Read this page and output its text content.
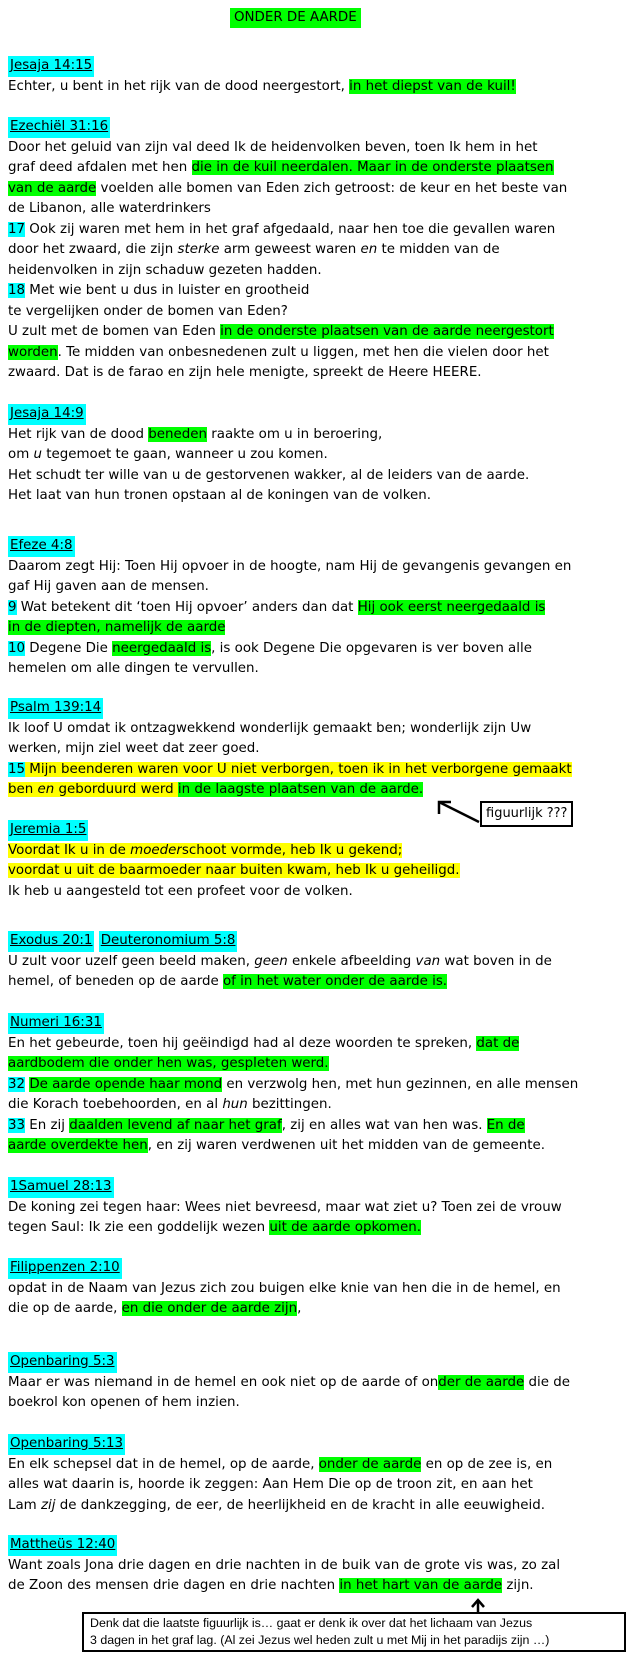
ONDER DE AARDE
Jesaja 14:15
Echter, u bent in het rijk van de dood neergestort, in het diepst van de kuil!
Ezechiël 31:16
Door het geluid van zijn val deed Ik de heidenvolken beven, toen Ik hem in het
graf deed afdalen met hen die in de kuil neerdalen. Maar in de onderste plaatsen
van de aarde voelden alle bomen van Eden zich getroost: de keur en het beste van
de Libanon, alle waterdrinkers
17 Ook zij waren met hem in het graf afgedaald, naar hen toe die gevallen waren
door het zwaard, die zijn sterke arm geweest waren en te midden van de
heidenvolken in zijn schaduw gezeten hadden.
18 Met wie bent u dus in luister en grootheid
te vergelijken onder de bomen van Eden?
U zult met de bomen van Eden in de onderste plaatsen van de aarde neergestort
worden. Te midden van onbesnedenen zult u liggen, met hen die vielen door het
zwaard. Dat is de farao en zijn hele menigte, spreekt de Heere HEERE.
Jesaja 14:9
Het rijk van de dood beneden raakte om u in beroering,
om u tegemoet te gaan, wanneer u zou komen.
Het schudt ter wille van u de gestorvenen wakker, al de leiders van de aarde.
Het laat van hun tronen opstaan al de koningen van de volken.
Efeze 4:8
Daarom zegt Hij: Toen Hij opvoer in de hoogte, nam Hij de gevangenis gevangen en
gaf Hij gaven aan de mensen.
9 Wat betekent dit ‘toen Hij opvoer’ anders dan dat Hij ook eerst neergedaald is
in de diepten, namelijk de aarde
10 Degene Die neergedaald is, is ook Degene Die opgevaren is ver boven alle
hemelen om alle dingen te vervullen.
Psalm 139:14
Ik loof U omdat ik ontzagwekkend wonderlijk gemaakt ben; wonderlijk zijn Uw
werken, mijn ziel weet dat zeer goed.
15 Mijn beenderen waren voor U niet verborgen, toen ik in het verborgene gemaakt
ben en geborduurd werd in de laagste plaatsen van de aarde.
figuurlijk ???
Jeremia 1:5
Voordat Ik u in de moederschoot vormde, heb Ik u gekend;
voordat u uit de baarmoeder naar buiten kwam, heb Ik u geheiligd.
Ik heb u aangesteld tot een profeet voor de volken.
Exodus 20:1 Deuteronomium 5:8
U zult voor uzelf geen beeld maken, geen enkele afbeelding van wat boven in de
hemel, of beneden op de aarde of in het water onder de aarde is.
Numeri 16:31
En het gebeurde, toen hij geëindigd had al deze woorden te spreken, dat de
aardbodem die onder hen was, gespleten werd.
32 De aarde opende haar mond en verzwolg hen, met hun gezinnen, en alle mensen
die Korach toebehoorden, en al hun bezittingen.
33 En zij daalden levend af naar het graf, zij en alles wat van hen was. En de
aarde overdekte hen, en zij waren verdwenen uit het midden van de gemeente.
1Samuel 28:13
De koning zei tegen haar: Wees niet bevreesd, maar wat ziet u? Toen zei de vrouw
tegen Saul: Ik zie een goddelijk wezen uit de aarde opkomen.
Filippenzen 2:10
opdat in de Naam van Jezus zich zou buigen elke knie van hen die in de hemel, en
die op de aarde, en die onder de aarde zijn,
Openbaring 5:3
Maar er was niemand in de hemel en ook niet op de aarde of onder de aarde die de
boekrol kon openen of hem inzien.
Openbaring 5:13
En elk schepsel dat in de hemel, op de aarde, onder de aarde en op de zee is, en
alles wat daarin is, hoorde ik zeggen: Aan Hem Die op de troon zit, en aan het
Lam zij de dankzegging, de eer, de heerlijkheid en de kracht in alle eeuwigheid.
Mattheüs 12:40
Want zoals Jona drie dagen en drie nachten in de buik van de grote vis was, zo zal
de Zoon des mensen drie dagen en drie nachten in het hart van de aarde zijn.
Denk dat die laatste figuurlijk is… gaat er denk ik over dat het lichaam van Jezus
3 dagen in het graf lag. (Al zei Jezus wel heden zult u met Mij in het paradijs zijn …)
